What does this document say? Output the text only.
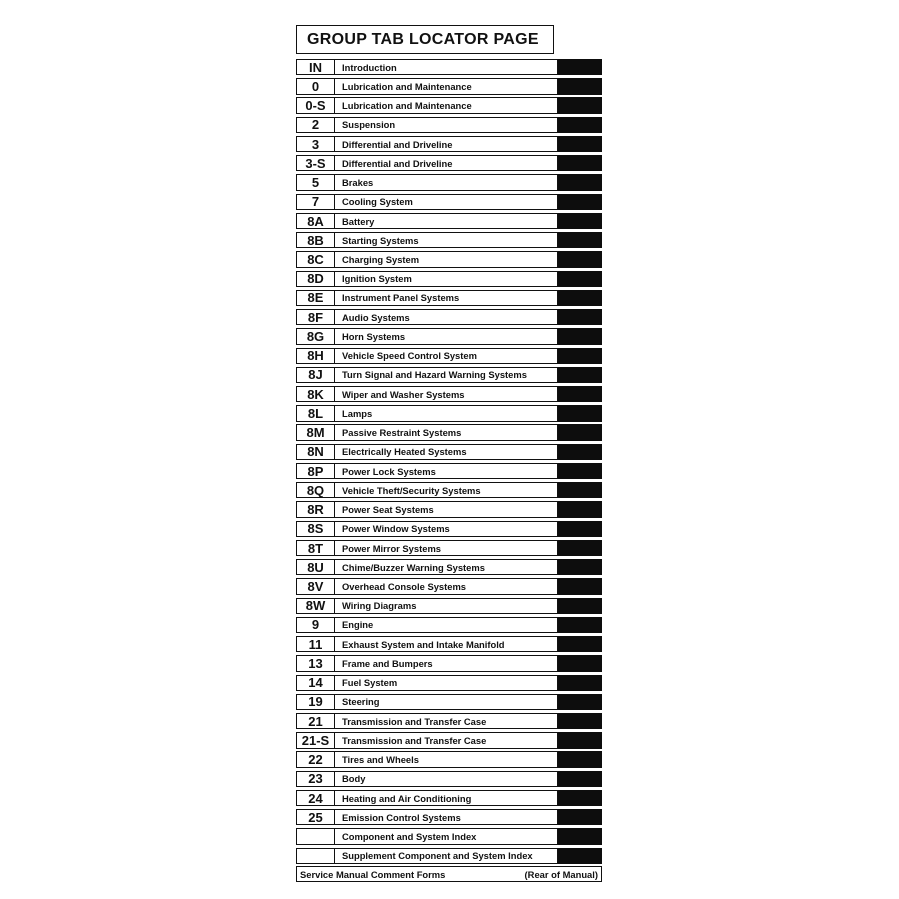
GROUP TAB LOCATOR PAGE
IN	Introduction
0	Lubrication and Maintenance
0-S	Lubrication and Maintenance
2	Suspension
3	Differential and Driveline
3-S	Differential and Driveline
5	Brakes
7	Cooling System
8A	Battery
8B	Starting Systems
8C	Charging System
8D	Ignition System
8E	Instrument Panel Systems
8F	Audio Systems
8G	Horn Systems
8H	Vehicle Speed Control System
8J	Turn Signal and Hazard Warning Systems
8K	Wiper and Washer Systems
8L	Lamps
8M	Passive Restraint Systems
8N	Electrically Heated Systems
8P	Power Lock Systems
8Q	Vehicle Theft/Security Systems
8R	Power Seat Systems
8S	Power Window Systems
8T	Power Mirror Systems
8U	Chime/Buzzer Warning Systems
8V	Overhead Console Systems
8W	Wiring Diagrams
9	Engine
11	Exhaust System and Intake Manifold
13	Frame and Bumpers
14	Fuel System
19	Steering
21	Transmission and Transfer Case
21-S	Transmission and Transfer Case
22	Tires and Wheels
23	Body
24	Heating and Air Conditioning
25	Emission Control Systems
Component and System Index
Supplement Component and System Index
Service Manual Comment Forms	(Rear of Manual)
